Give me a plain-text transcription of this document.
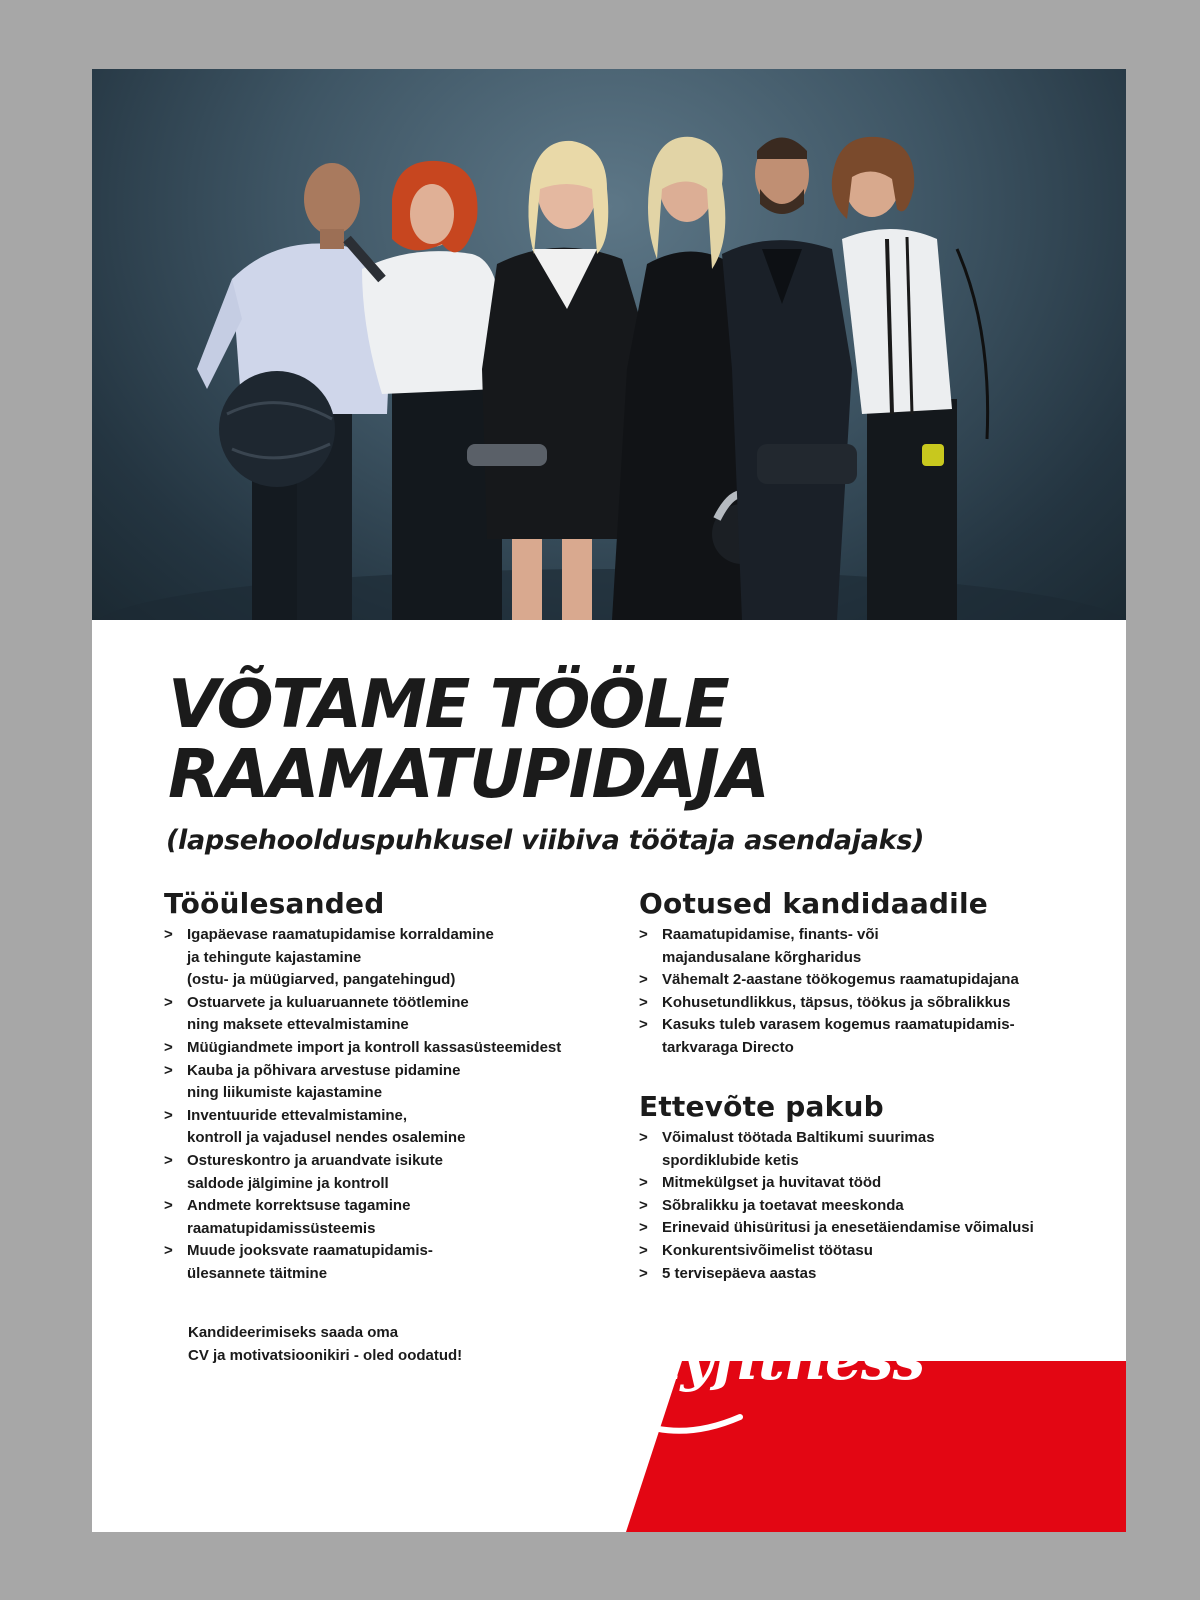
VÕTAME TÖÖLE
RAAMATUPIDAJA

(lapsehoolduspuhkusel viibiva töötaja asendajaks)

Tööülesanded
> Igapäevase raamatupidamise korraldamine
ja tehingute kajastamine
(ostu- ja müügiarved, pangatehingud)
> Ostuarvete ja kuluaruannete töötlemine
ning maksete ettevalmistamine
> Müügiandmete import ja kontroll kassasüsteemidest
> Kauba ja põhivara arvestuse pidamine
ning liikumiste kajastamine
> Inventuuride ettevalmistamine,
kontroll ja vajadusel nendes osalemine
> Ostureskontro ja aruandvate isikute
saldode jälgimine ja kontroll
> Andmete korrektsuse tagamine
raamatupidamissüsteemis
> Muude jooksvate raamatupidamis-
ülesannete täitmine

Kandideerimiseks saada oma
CV ja motivatsioonikiri - oled oodatud!

Ootused kandidaadile
> Raamatupidamise, finants- või
majandusalane kõrgharidus
> Vähemalt 2-aastane töökogemus raamatupidajana
> Kohusetundlikkus, täpsus, töökus ja sõbralikkus
> Kasuks tuleb varasem kogemus raamatupidamis-
tarkvaraga Directo
Ettevõte pakub
> Võimalust töötada Baltikumi suurimas
spordiklubide ketis
> Mitmekülgset ja huvitavat tööd
> Sõbralikku ja toetavat meeskonda
> Erinevaid ühisüritusi ja enesetäiendamise võimalusi
> Konkurentsivõimelist töötasu
> 5 tervisepäeva aastas
myfitness
